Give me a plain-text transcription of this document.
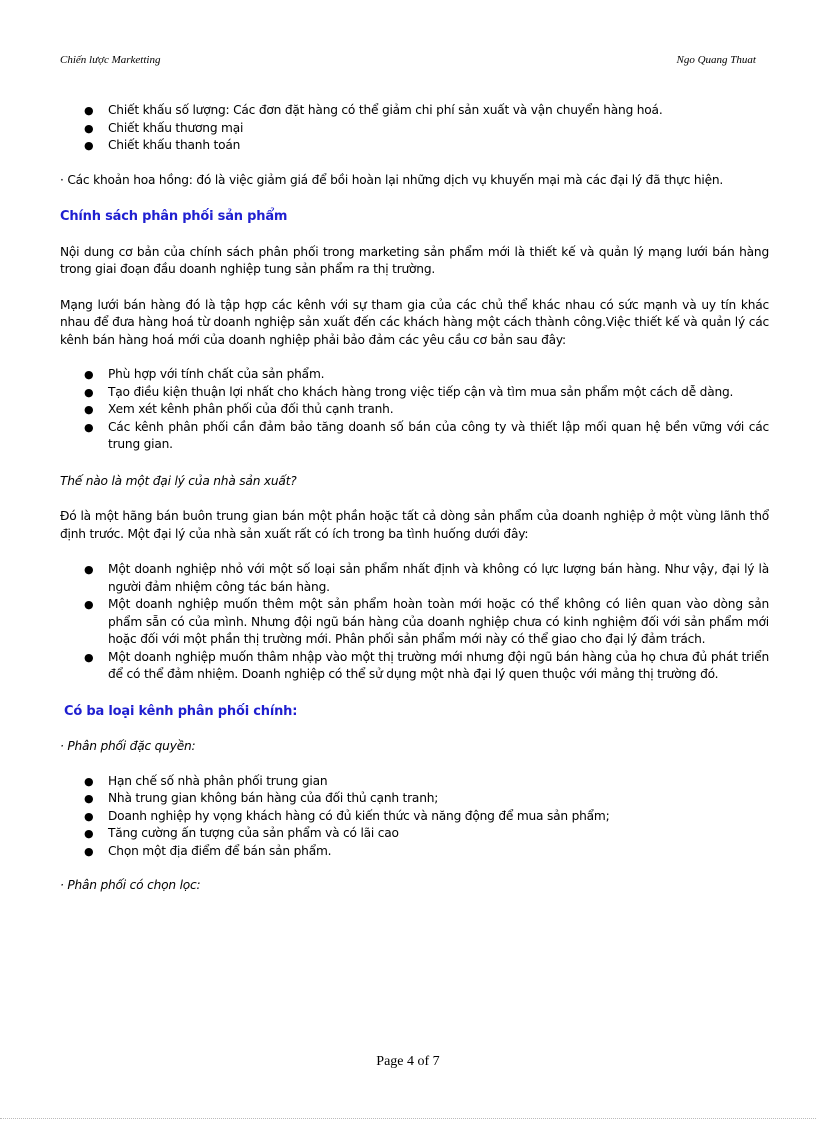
Chiến lược Marketting	Ngo Quang Thuat
● Chiết khấu số lượng: Các đơn đặt hàng có thể giảm chi phí sản xuất và vận chuyển hàng hoá.
● Chiết khấu thương mại
● Chiết khấu thanh toán

· Các khoản hoa hồng: đó là việc giảm giá để bồi hoàn lại những dịch vụ khuyến mại mà các đại lý đã thực hiện.

Chính sách phân phối sản phẩm

Nội dung cơ bản của chính sách phân phối trong marketing sản phẩm mới là thiết kế và quản lý mạng lưới bán hàng trong giai đoạn đầu doanh nghiệp tung sản phẩm ra thị trường.

Mạng lưới bán hàng đó là tập hợp các kênh với sự tham gia của các chủ thể khác nhau có sức mạnh và uy tín khác nhau để đưa hàng hoá từ doanh nghiệp sản xuất đến các khách hàng một cách thành công.Việc thiết kế và quản lý các kênh bán hàng hoá mới của doanh nghiệp phải bảo đảm các yêu cầu cơ bản sau đây:

● Phù hợp với tính chất của sản phẩm.
● Tạo điều kiện thuận lợi nhất cho khách hàng trong việc tiếp cận và tìm mua sản phẩm một cách dễ dàng.
● Xem xét kênh phân phối của đối thủ cạnh tranh.
● Các kênh phân phối cần đảm bảo tăng doanh số bán của công ty và thiết lập mối quan hệ bền vững với các trung gian.

Thế nào là một đại lý của nhà sản xuất?

Đó là một hãng bán buôn trung gian bán một phần hoặc tất cả dòng sản phẩm của doanh nghiệp ở một vùng lãnh thổ định trước. Một đại lý của nhà sản xuất rất có ích trong ba tình huống dưới đây:

● Một doanh nghiệp nhỏ với một số loại sản phẩm nhất định và không có lực lượng bán hàng. Như vậy, đại lý là người đảm nhiệm công tác bán hàng.
● Một doanh nghiệp muốn thêm một sản phẩm hoàn toàn mới hoặc có thể không có liên quan vào dòng sản phẩm sẵn có của mình. Nhưng đội ngũ bán hàng của doanh nghiệp chưa có kinh nghiệm đối với sản phẩm mới hoặc đối với một phần thị trường mới. Phân phối sản phẩm mới này có thể giao cho đại lý đảm trách.
● Một doanh nghiệp muốn thâm nhập vào một thị trường mới nhưng đội ngũ bán hàng của họ chưa đủ phát triển để có thể đảm nhiệm. Doanh nghiệp có thể sử dụng một nhà đại lý quen thuộc với mảng thị trường đó.

Có ba loại kênh phân phối chính:

· Phân phối đặc quyền:

● Hạn chế số nhà phân phối trung gian
● Nhà trung gian không bán hàng của đối thủ cạnh tranh;
● Doanh nghiệp hy vọng khách hàng có đủ kiến thức và năng động để mua sản phẩm;
● Tăng cường ấn tượng của sản phẩm và có lãi cao
● Chọn một địa điểm để bán sản phẩm.

· Phân phối có chọn lọc:

Page 4 of 7
